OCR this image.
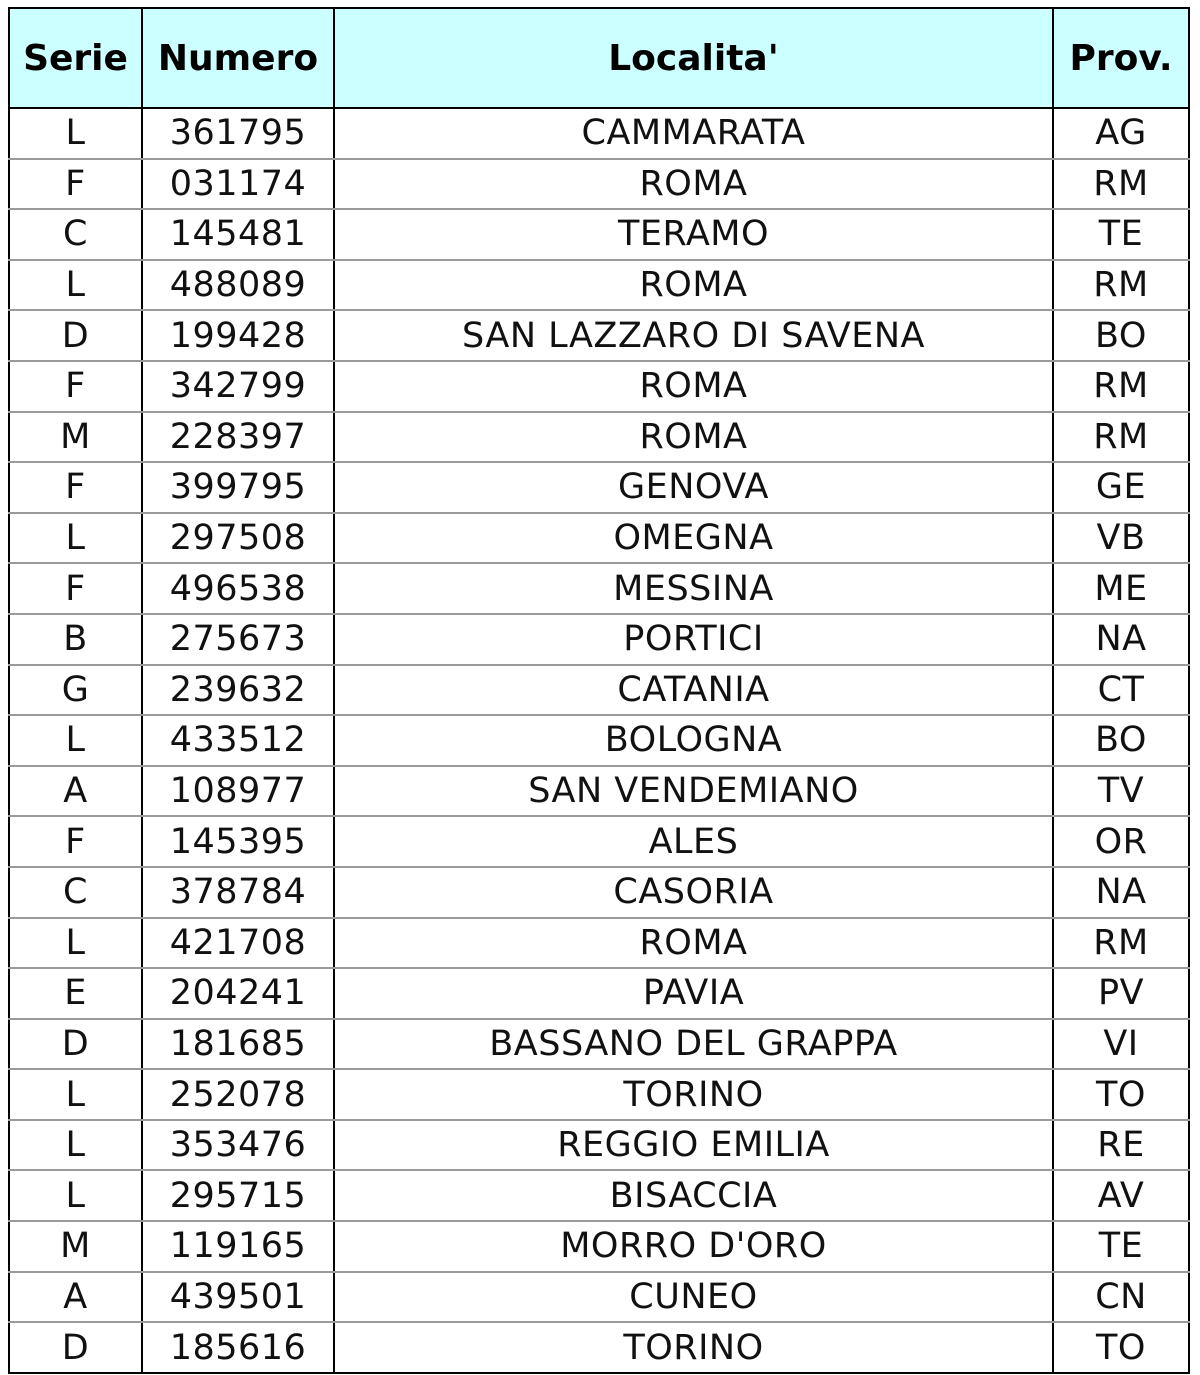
Serie	Numero	Localita'	Prov.
L	361795	CAMMARATA	AG
F	031174	ROMA	RM
C	145481	TERAMO	TE
L	488089	ROMA	RM
D	199428	SAN LAZZARO DI SAVENA	BO
F	342799	ROMA	RM
M	228397	ROMA	RM
F	399795	GENOVA	GE
L	297508	OMEGNA	VB
F	496538	MESSINA	ME
B	275673	PORTICI	NA
G	239632	CATANIA	CT
L	433512	BOLOGNA	BO
A	108977	SAN VENDEMIANO	TV
F	145395	ALES	OR
C	378784	CASORIA	NA
L	421708	ROMA	RM
E	204241	PAVIA	PV
D	181685	BASSANO DEL GRAPPA	VI
L	252078	TORINO	TO
L	353476	REGGIO EMILIA	RE
L	295715	BISACCIA	AV
M	119165	MORRO D'ORO	TE
A	439501	CUNEO	CN
D	185616	TORINO	TO
